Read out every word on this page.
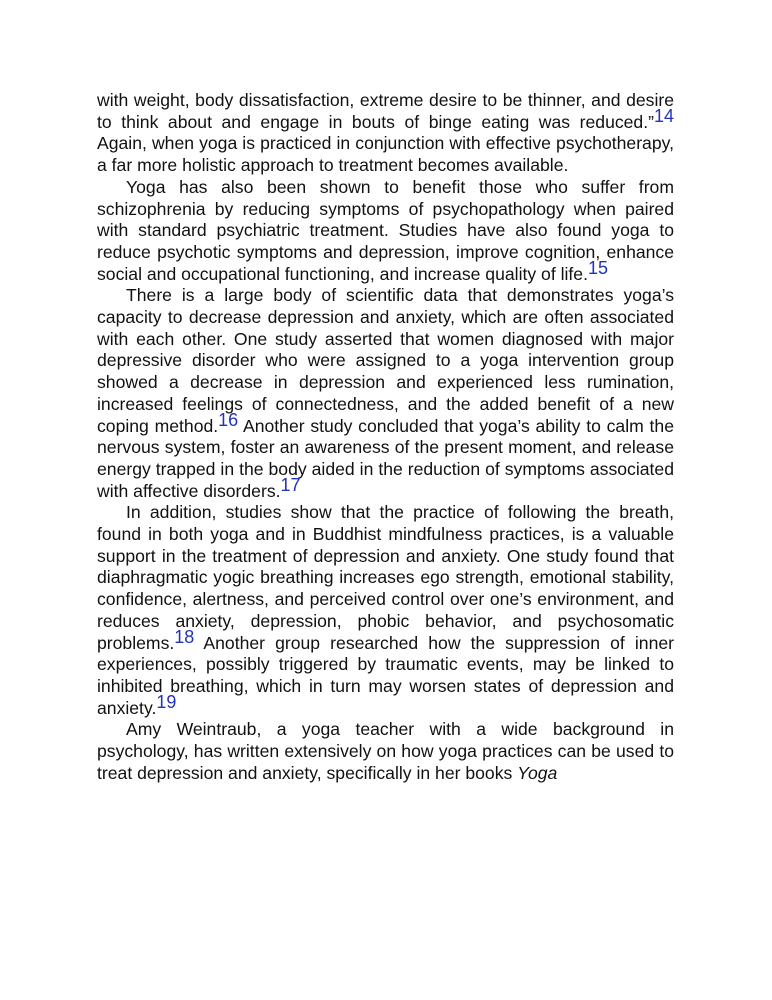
with weight, body dissatisfaction, extreme desire to be thinner, and desire to think about and engage in bouts of binge eating was reduced.”$^{14}$ Again, when yoga is practiced in conjunction with effective psychotherapy, a far more holistic approach to treatment becomes available.

Yoga has also been shown to benefit those who suffer from schizophrenia by reducing symptoms of psychopathology when paired with standard psychiatric treatment. Studies have also found yoga to reduce psychotic symptoms and depression, improve cognition, enhance social and occupational functioning, and increase quality of life.$^{15}$

There is a large body of scientific data that demonstrates yoga’s capacity to decrease depression and anxiety, which are often associated with each other. One study asserted that women diagnosed with major depressive disorder who were assigned to a yoga intervention group showed a decrease in depression and experienced less rumination, increased feelings of connectedness, and the added benefit of a new coping method.$^{16}$ Another study concluded that yoga’s ability to calm the nervous system, foster an awareness of the present moment, and release energy trapped in the body aided in the reduction of symptoms associated with affective disorders.$^{17}$

In addition, studies show that the practice of following the breath, found in both yoga and in Buddhist mindfulness practices, is a valuable support in the treatment of depression and anxiety. One study found that diaphragmatic yogic breathing increases ego strength, emotional stability, confidence, alertness, and perceived control over one’s environment, and reduces anxiety, depression, phobic behavior, and psychosomatic problems.$^{18}$ Another group researched how the suppression of inner experiences, possibly triggered by traumatic events, may be linked to inhibited breathing, which in turn may worsen states of depression and anxiety.$^{19}$

Amy Weintraub, a yoga teacher with a wide background in psychology, has written extensively on how yoga practices can be used to treat depression and anxiety, specifically in her books Yoga
